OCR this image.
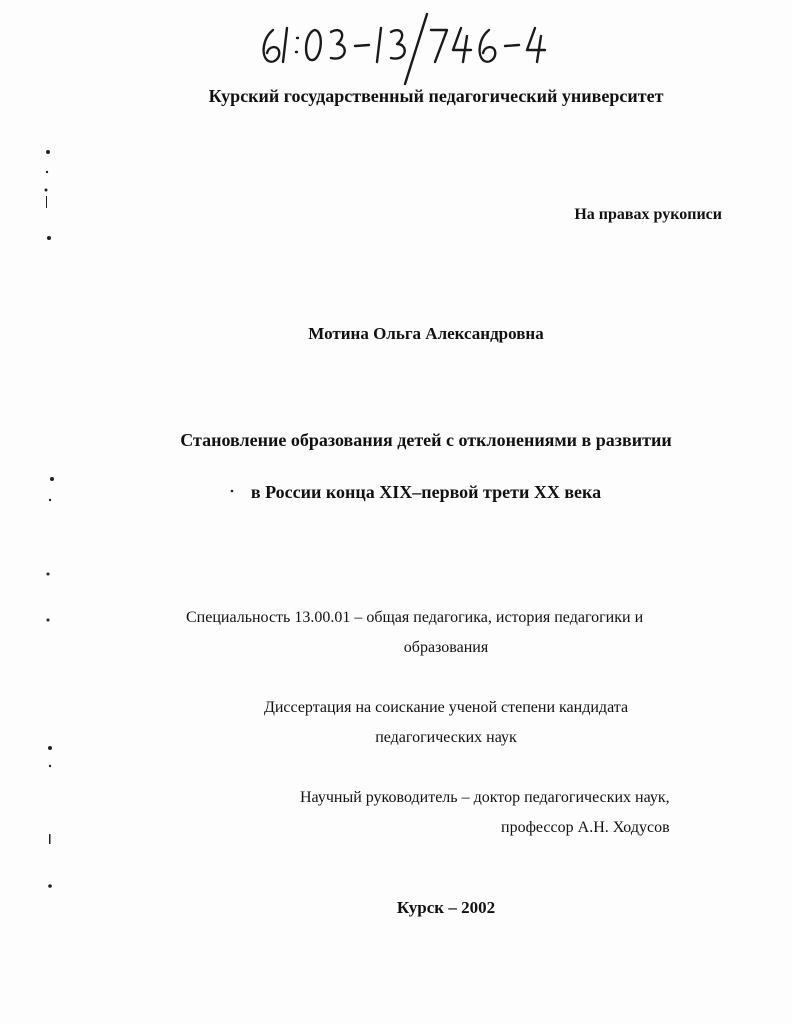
Курский государственный педагогический университет
На правах рукописи
Мотина Ольга Александровна
Становление образования детей с отклонениями в развитии
в России конца XIX–первой трети XX века
Специальность 13.00.01 – общая педагогика, история педагогики и
образования
Диссертация на соискание ученой степени кандидата
педагогических наук
Научный руководитель – доктор педагогических наук,
профессор А.Н. Ходусов
Курск – 2002
